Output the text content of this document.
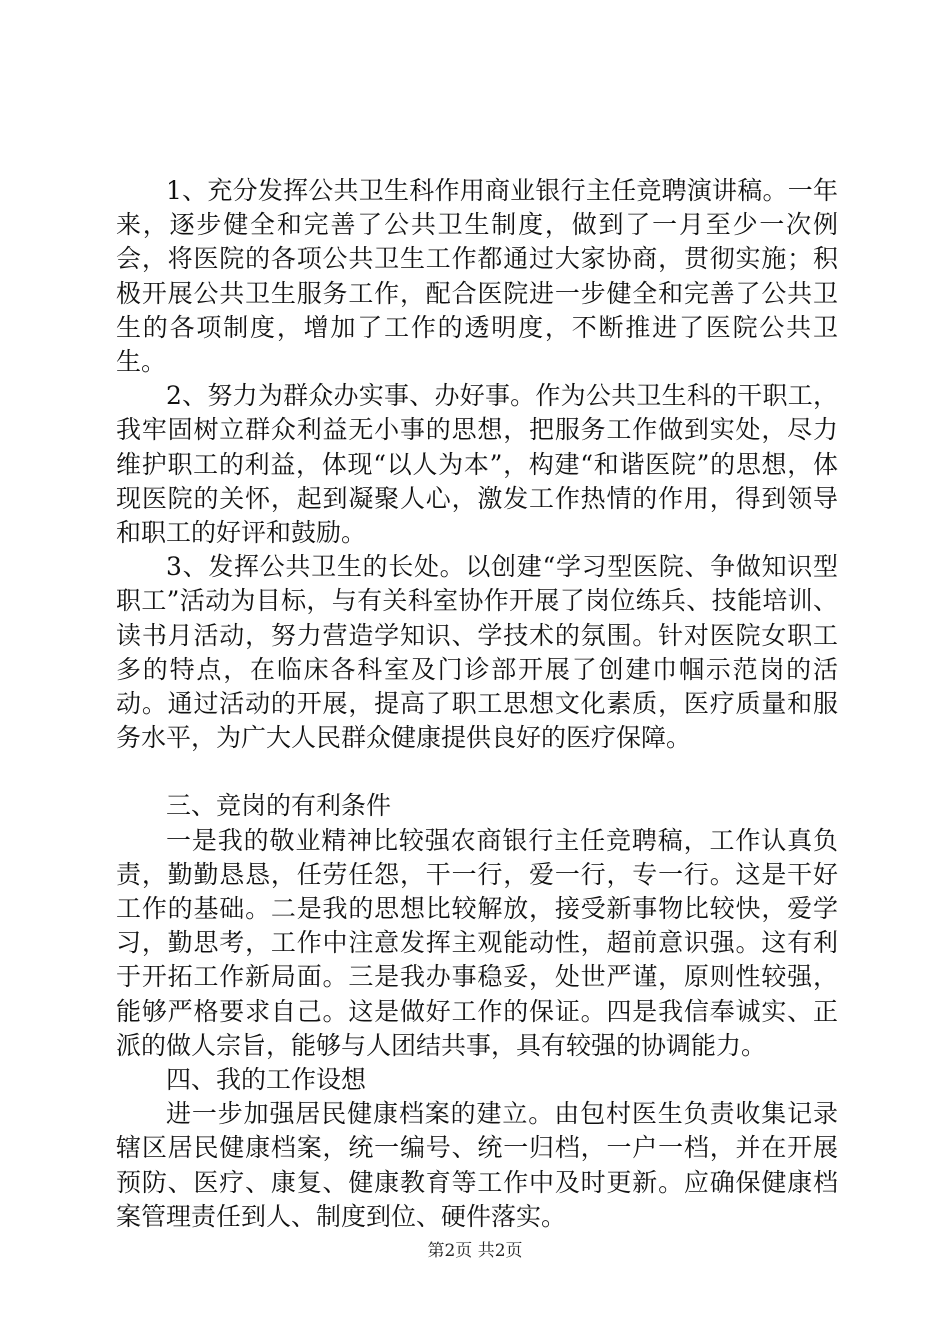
1、充分发挥公共卫生科作用商业银行主任竞聘演讲稿。一年来，逐步健全和完善了公共卫生制度，做到了一月至少一次例会，将医院的各项公共卫生工作都通过大家协商，贯彻实施；积极开展公共卫生服务工作，配合医院进一步健全和完善了公共卫生的各项制度，增加了工作的透明度，不断推进了医院公共卫生。

2、努力为群众办实事、办好事。作为公共卫生科的干职工，我牢固树立群众利益无小事的思想，把服务工作做到实处，尽力维护职工的利益，体现“以人为本”，构建“和谐医院”的思想，体现医院的关怀，起到凝聚人心，激发工作热情的作用，得到领导和职工的好评和鼓励。

3、发挥公共卫生的长处。以创建“学习型医院、争做知识型职工”活动为目标，与有关科室协作开展了岗位练兵、技能培训、读书月活动，努力营造学知识、学技术的氛围。针对医院女职工多的特点，在临床各科室及门诊部开展了创建巾帼示范岗的活动。通过活动的开展，提高了职工思想文化素质，医疗质量和服务水平，为广大人民群众健康提供良好的医疗保障。

三、竞岗的有利条件

一是我的敬业精神比较强农商银行主任竞聘稿，工作认真负责，勤勤恳恳，任劳任怨，干一行，爱一行，专一行。这是干好工作的基础。二是我的思想比较解放，接受新事物比较快，爱学习，勤思考，工作中注意发挥主观能动性，超前意识强。这有利于开拓工作新局面。三是我办事稳妥，处世严谨，原则性较强，能够严格要求自己。这是做好工作的保证。四是我信奉诚实、正派的做人宗旨，能够与人团结共事，具有较强的协调能力。

四、我的工作设想

进一步加强居民健康档案的建立。由包村医生负责收集记录辖区居民健康档案，统一编号、统一归档，一户一档，并在开展预防、医疗、康复、健康教育等工作中及时更新。应确保健康档案管理责任到人、制度到位、硬件落实。

第2页 共2页
